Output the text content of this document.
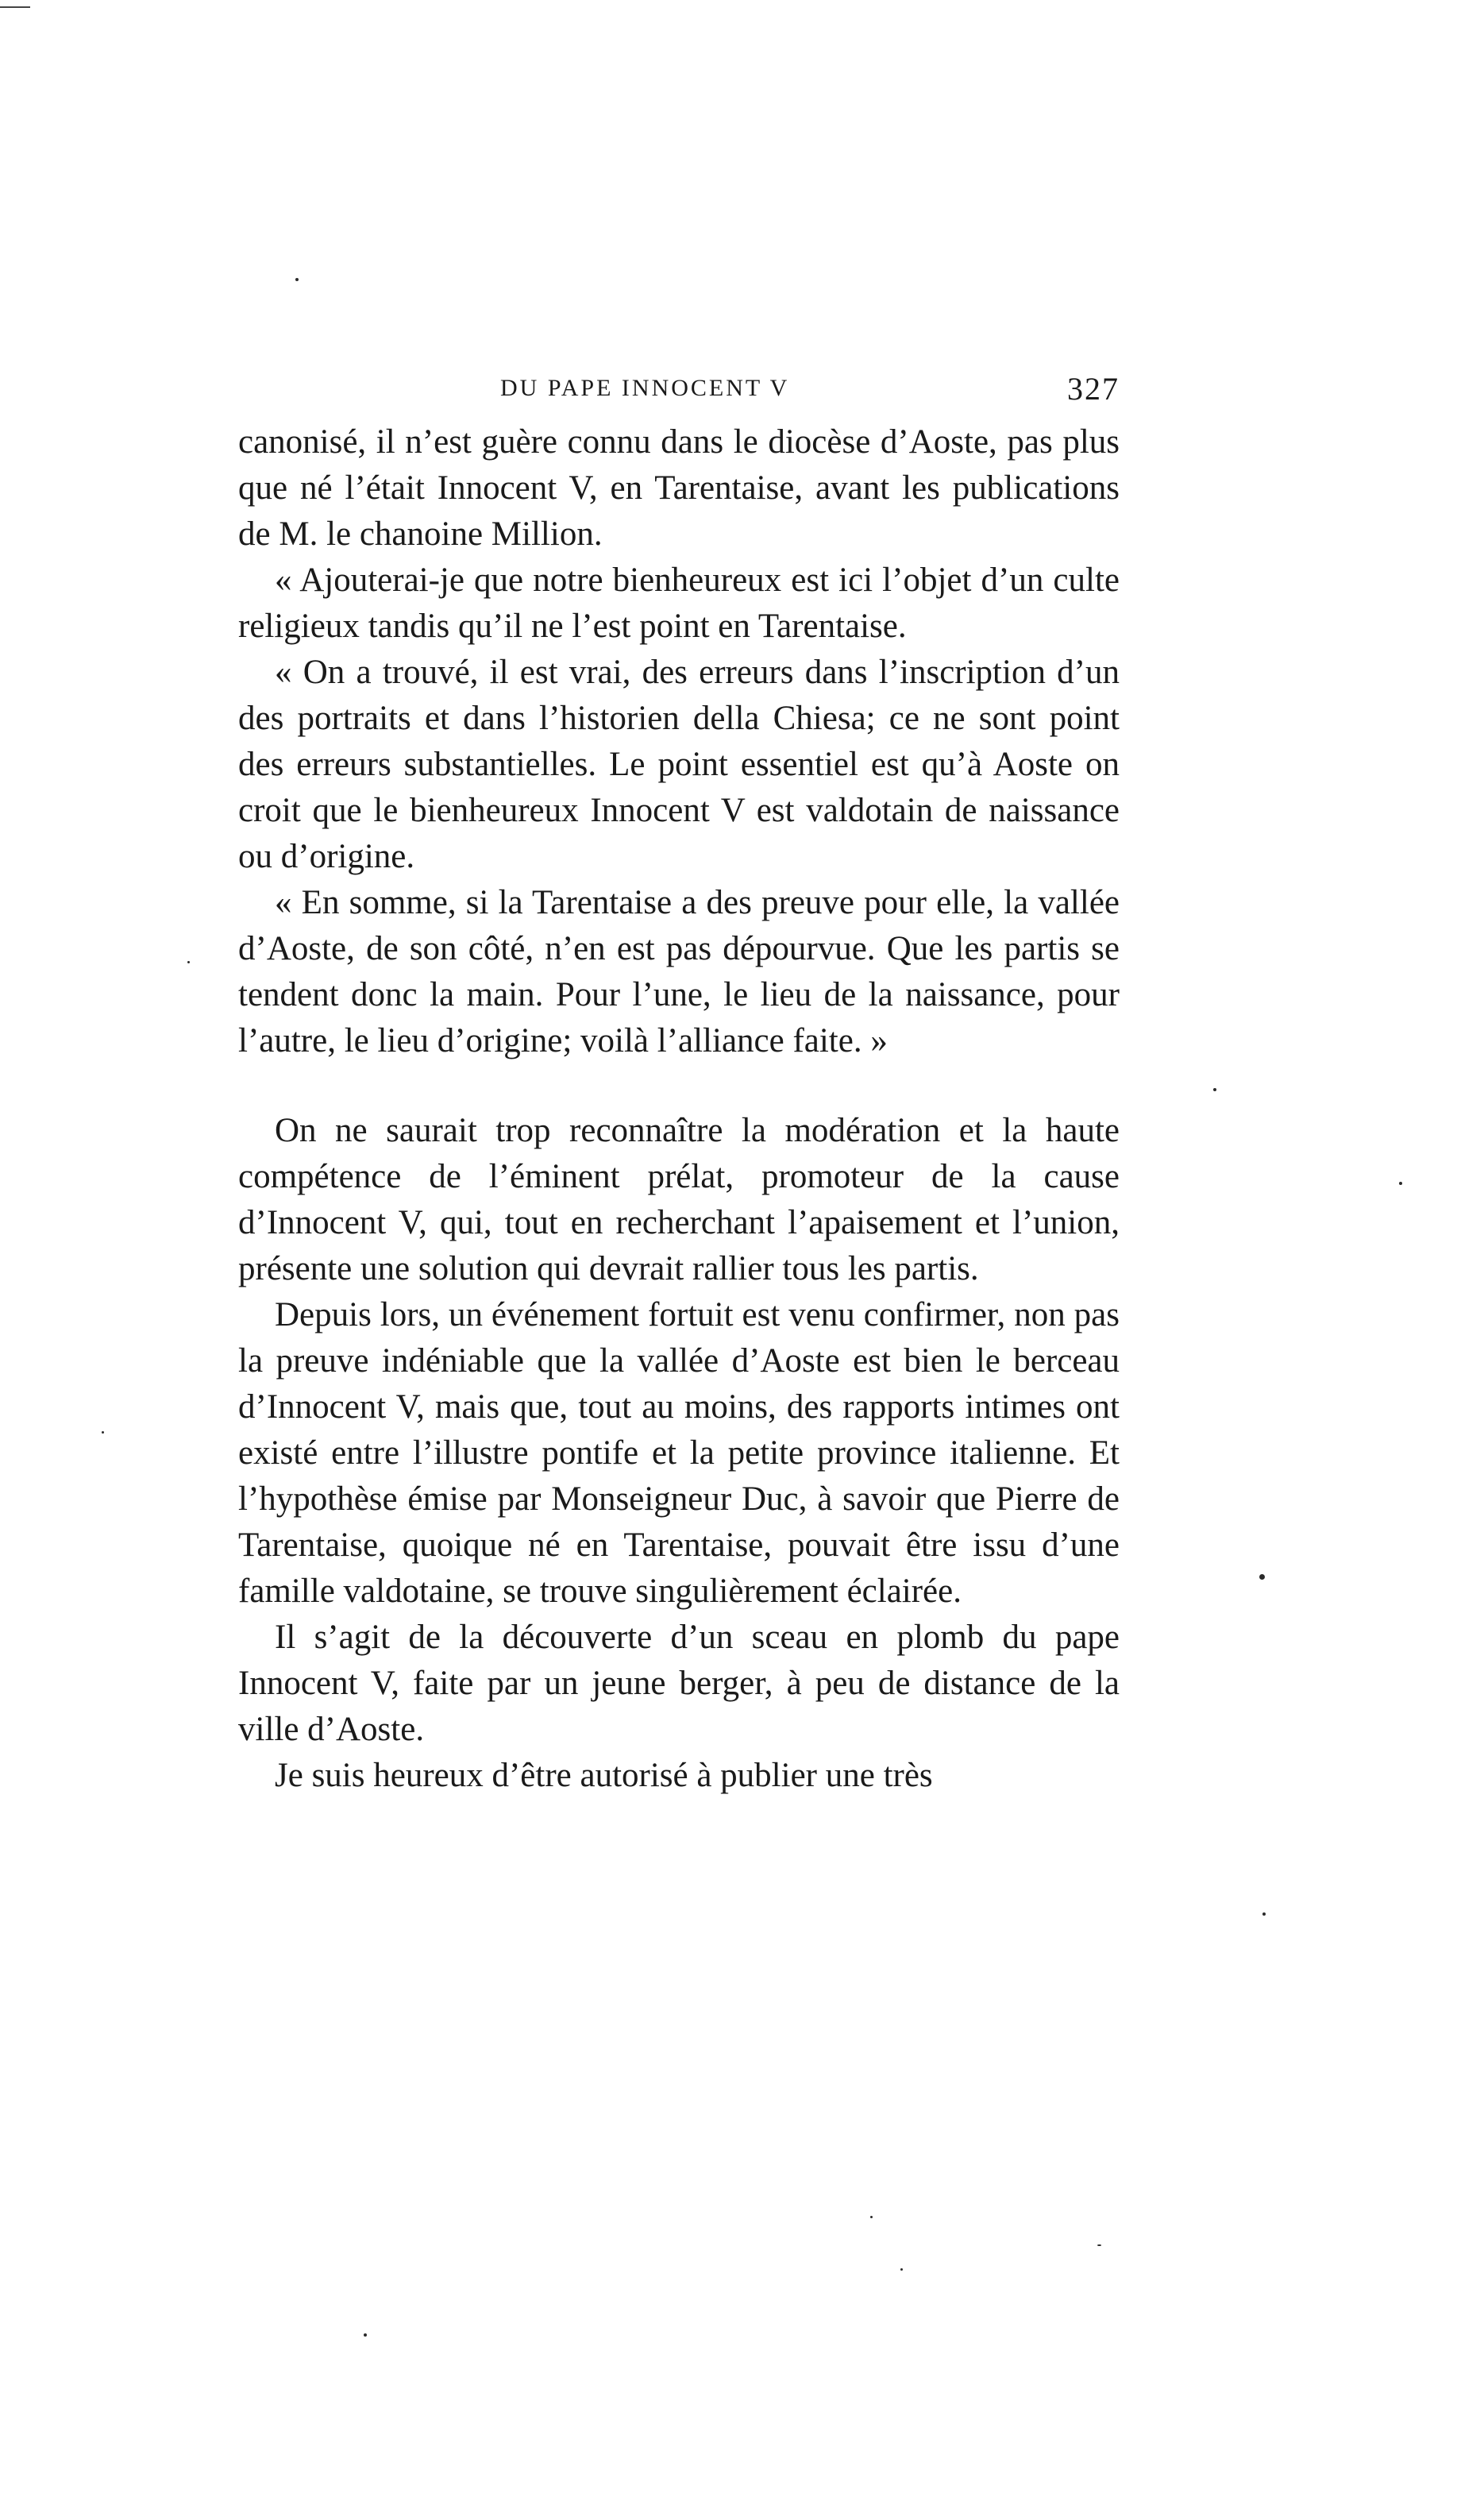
DU PAPE INNOCENT V	327

canonisé, il n’est guère connu dans le diocèse d’Aoste, pas plus que né l’était Innocent V, en Tarentaise, avant les publications de M. le chanoine Million.

« Ajouterai-je que notre bienheureux est ici l’objet d’un culte religieux tandis qu’il ne l’est point en Tarentaise.

« On a trouvé, il est vrai, des erreurs dans l’inscription d’un des portraits et dans l’historien della Chiesa; ce ne sont point des erreurs substantielles. Le point essentiel est qu’à Aoste on croit que le bienheureux Innocent V est valdotain de naissance ou d’origine.

« En somme, si la Tarentaise a des preuve pour elle, la vallée d’Aoste, de son côté, n’en est pas dépourvue. Que les partis se tendent donc la main. Pour l’une, le lieu de la naissance, pour l’autre, le lieu d’origine; voilà l’alliance faite. »

On ne saurait trop reconnaître la modération et la haute compétence de l’éminent prélat, promoteur de la cause d’Innocent V, qui, tout en recherchant l’apaisement et l’union, présente une solution qui devrait rallier tous les partis.

Depuis lors, un événement fortuit est venu confirmer, non pas la preuve indéniable que la vallée d’Aoste est bien le berceau d’Innocent V, mais que, tout au moins, des rapports intimes ont existé entre l’illustre pontife et la petite province italienne. Et l’hypothèse émise par Monseigneur Duc, à savoir que Pierre de Tarentaise, quoique né en Tarentaise, pouvait être issu d’une famille valdotaine, se trouve singulièrement éclairée.

Il s’agit de la découverte d’un sceau en plomb du pape Innocent V, faite par un jeune berger, à peu de distance de la ville d’Aoste.

Je suis heureux d’être autorisé à publier une très
